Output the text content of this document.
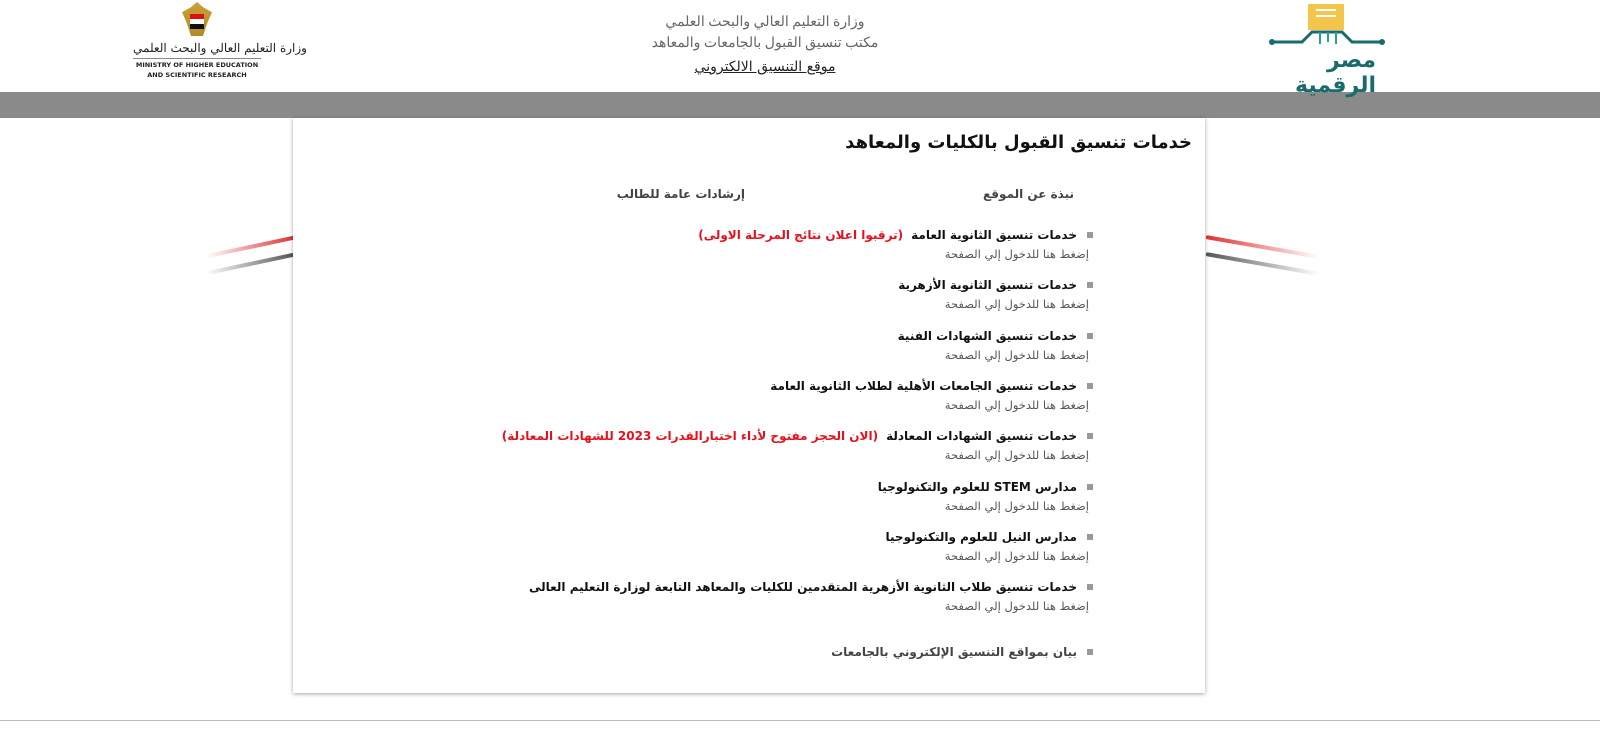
وزارة التعليم العالي والبحث العلمي
MINISTRY OF HIGHER EDUCATION
AND SCIENTIFIC RESEARCH
وزارة التعليم العالي والبحث العلمي
مكتب تنسيق القبول بالجامعات والمعاهد
موقع التنسيق الالكتروني	مصر الرقمية
خدمات تنسيق القبول بالكليات والمعاهد
نبذة عن الموقع
إرشادات عامة للطالب
خدمات تنسيق الثانوية العامة
(ترقبوا اعلان نتائج المرحلة الاولى)
إضغط هنا للدخول إلي الصفحة
خدمات تنسيق الثانوية الأزهرية
إضغط هنا للدخول إلي الصفحة
خدمات تنسيق الشهادات الفنية
إضغط هنا للدخول إلي الصفحة
خدمات تنسيق الجامعات الأهلية لطلاب الثانوية العامة
إضغط هنا للدخول إلي الصفحة
خدمات تنسيق الشهادات المعادلة
(الان الحجز مفتوح لأداء اختبارالقدرات 2023 للشهادات المعادلة)
إضغط هنا للدخول إلي الصفحة
مدارس STEM للعلوم والتكنولوجيا
إضغط هنا للدخول إلي الصفحة
مدارس النيل للعلوم والتكنولوجيا
إضغط هنا للدخول إلي الصفحة
خدمات تنسيق طلاب الثانوية الأزهرية المتقدمين للكليات والمعاهد التابعة لوزارة التعليم العالى
إضغط هنا للدخول إلي الصفحة
بيان بمواقع التنسيق الإلكتروني بالجامعات
